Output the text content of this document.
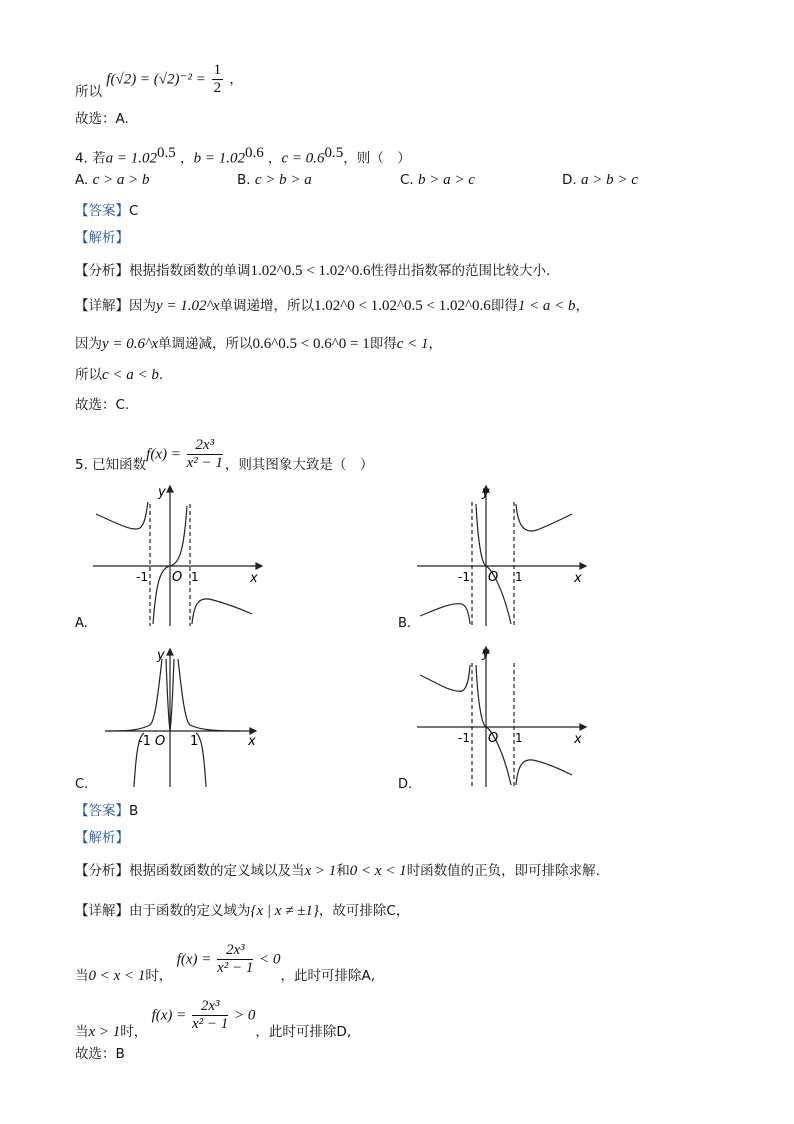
所以 $f(√2) = (√2)^{-2} = \frac{1}{2}$ ，
故选：A.
4. 若$a = 1.02^{0.5}$ ，$b = 1.02^{0.6}$ ，$c = 0.6^{0.5}$，则（　）
A. c > a > b	B. c > b > a	C. b > a > c	D. a > b > c
【答案】C
【解析】
【分析】根据指数函数的单调1.02^0.5 < 1.02^0.6性得出指数幂的范围比较大小.
【详解】因为y = 1.02^x单调递增，所以1.02^0 < 1.02^0.5 < 1.02^0.6即得1 < a < b，
因为y = 0.6^x单调递减，所以0.6^0.5 < 0.6^0 = 1即得c < 1，
所以c < a < b.
故选：C.
5. 已知函数$f(x) = \frac{\text{2x³}}{\text{x² − 1}}$ ，则其图象大致是（　）
-1 O 1	x
y
A.
-1 O 1	x
y
B.
-1 O 1	x
y
C.
-1 O 1	x
y
D.
【答案】B
【解析】
【分析】根据函数函数的定义域以及当x > 1和0 < x < 1时函数值的正负，即可排除求解.
【详解】由于函数的定义域为{x | x ≠ ±1}，故可排除C，
当0 < x < 1时， $f(x) = \frac{\text{2x³}}{\text{x² − 1}} < 0$，此时可排除A,
当x > 1时， $f(x) = \frac{\text{2x³}}{\text{x² − 1}} > 0$，此时可排除D,
故选：B
